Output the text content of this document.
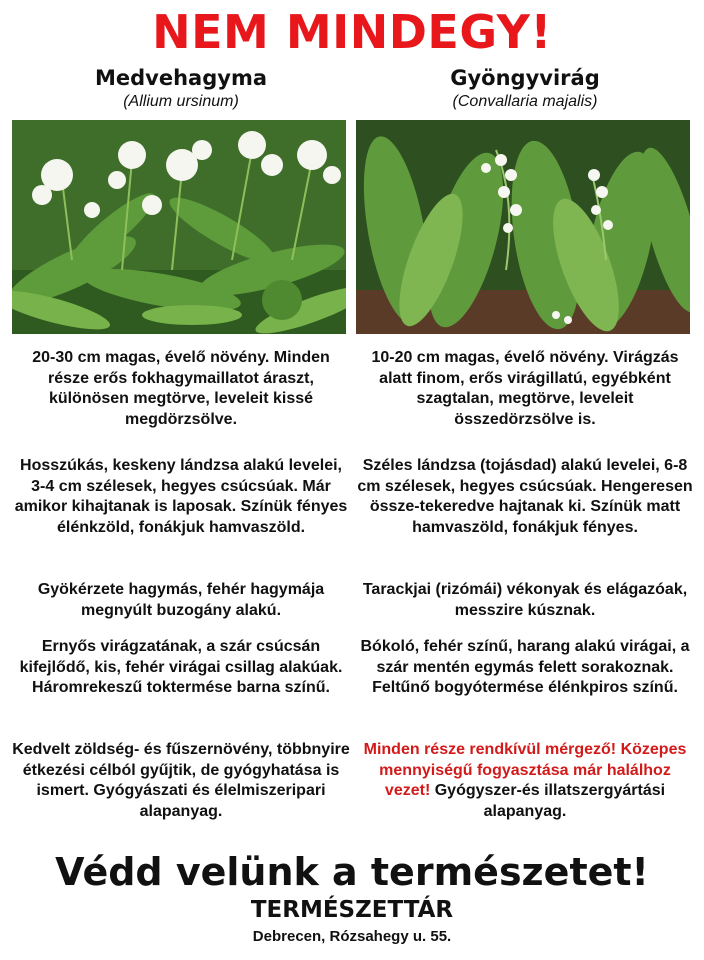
NEM MINDEGY!
Medvehagyma
(Allium ursinum)
20-30 cm magas, évelő növény. Minden része erős fokhagymaillatot áraszt, különösen megtörve, leveleit kissé megdörzsölve.
Hosszúkás, keskeny lándzsa alakú levelei, 3-4 cm szélesek, hegyes csúcsúak. Már amikor kihajtanak is laposak. Színük fényes élénkzöld, fonákjuk hamvaszöld.
Gyökérzete hagymás, fehér hagymája megnyúlt buzogány alakú.
Ernyős virágzatának, a szár csúcsán kifejlődő, kis, fehér virágai csillag alakúak. Háromrekeszű toktermése barna színű.
Kedvelt zöldség- és fűszernövény, többnyire étkezési célból gyűjtik, de gyógyhatása is ismert. Gyógyászati és élelmiszeripari alapanyag.
Gyöngyvirág
(Convallaria majalis)
10-20 cm magas, évelő növény. Virágzás alatt finom, erős virágillatú, egyébként szagtalan, megtörve, leveleit összedörzsölve is.
Széles lándzsa (tojásdad) alakú levelei, 6-8 cm szélesek, hegyes csúcsúak. Hengeresen össze-tekeredve hajtanak ki. Színük matt hamvaszöld, fonákjuk fényes.
Tarackjai (rizómái) vékonyak és elágazóak, messzire kúsznak.
Bókoló, fehér színű, harang alakú virágai, a szár mentén egymás felett sorakoznak. Feltűnő bogyótermése élénkpiros színű.
Minden része rendkívül mérgező! Közepes mennyiségű fogyasztása már halálhoz vezet! Gyógyszer-és illatszergyártási alapanyag.
Védd velünk a természetet!
TERMÉSZETTÁR
Debrecen, Rózsahegy u. 55.
